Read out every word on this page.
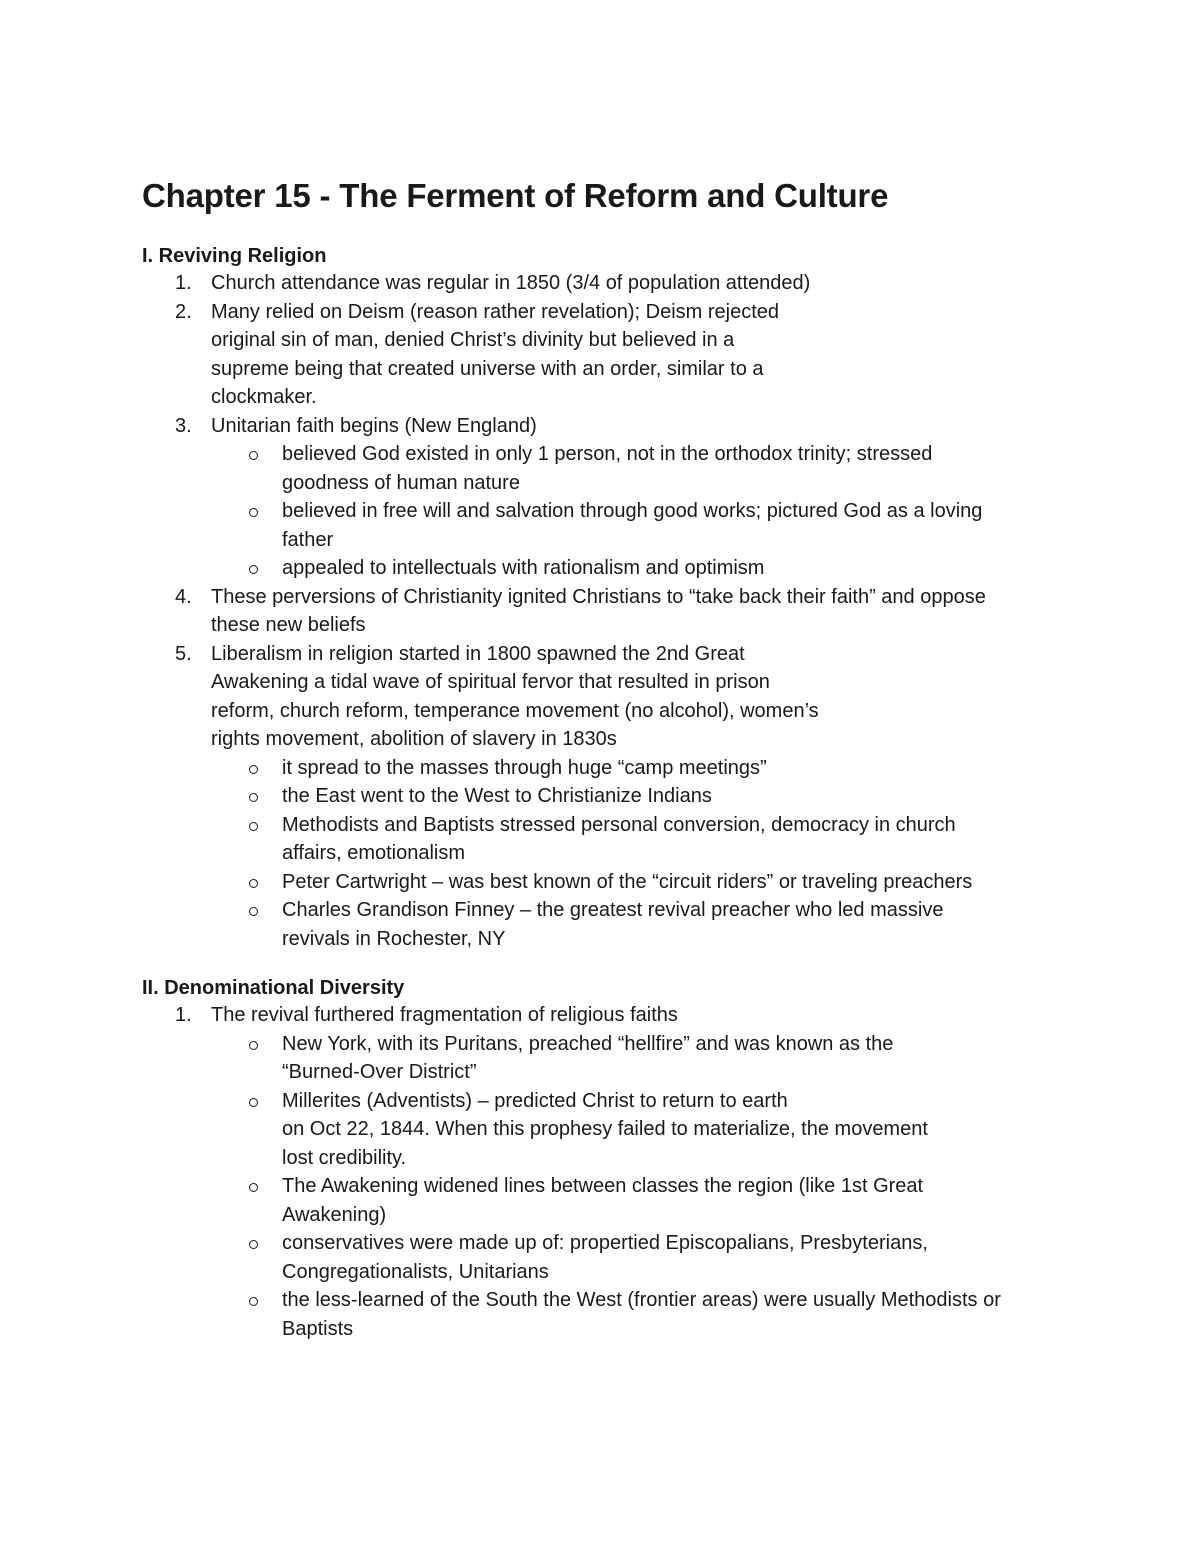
Chapter 15 - The Ferment of Reform and Culture
I. Reviving Religion
1. Church attendance was regular in 1850 (3/4 of population attended)
2. Many relied on Deism (reason rather revelation); Deism rejected
original sin of man, denied Christ’s divinity but believed in a
supreme being that created universe with an order, similar to a
clockmaker.
3. Unitarian faith begins (New England)
believed God existed in only 1 person, not in the orthodox trinity; stressed
goodness of human nature
believed in free will and salvation through good works; pictured God as a loving
father
appealed to intellectuals with rationalism and optimism
4. These perversions of Christianity ignited Christians to “take back their faith” and oppose
these new beliefs
5. Liberalism in religion started in 1800 spawned the 2nd Great
Awakening a tidal wave of spiritual fervor that resulted in prison
reform, church reform, temperance movement (no alcohol), women’s
rights movement, abolition of slavery in 1830s
it spread to the masses through huge “camp meetings”
the East went to the West to Christianize Indians
Methodists and Baptists stressed personal conversion, democracy in church
affairs, emotionalism
Peter Cartwright – was best known of the “circuit riders” or traveling preachers
Charles Grandison Finney – the greatest revival preacher who led massive
revivals in Rochester, NY
II. Denominational Diversity
1. The revival furthered fragmentation of religious faiths
New York, with its Puritans, preached “hellfire” and was known as the
“Burned-Over District”
Millerites (Adventists) – predicted Christ to return to earth
on Oct 22, 1844. When this prophesy failed to materialize, the movement
lost credibility.
The Awakening widened lines between classes the region (like 1st Great
Awakening)
conservatives were made up of: propertied Episcopalians, Presbyterians,
Congregationalists, Unitarians
the less-learned of the South the West (frontier areas) were usually Methodists or
Baptists
